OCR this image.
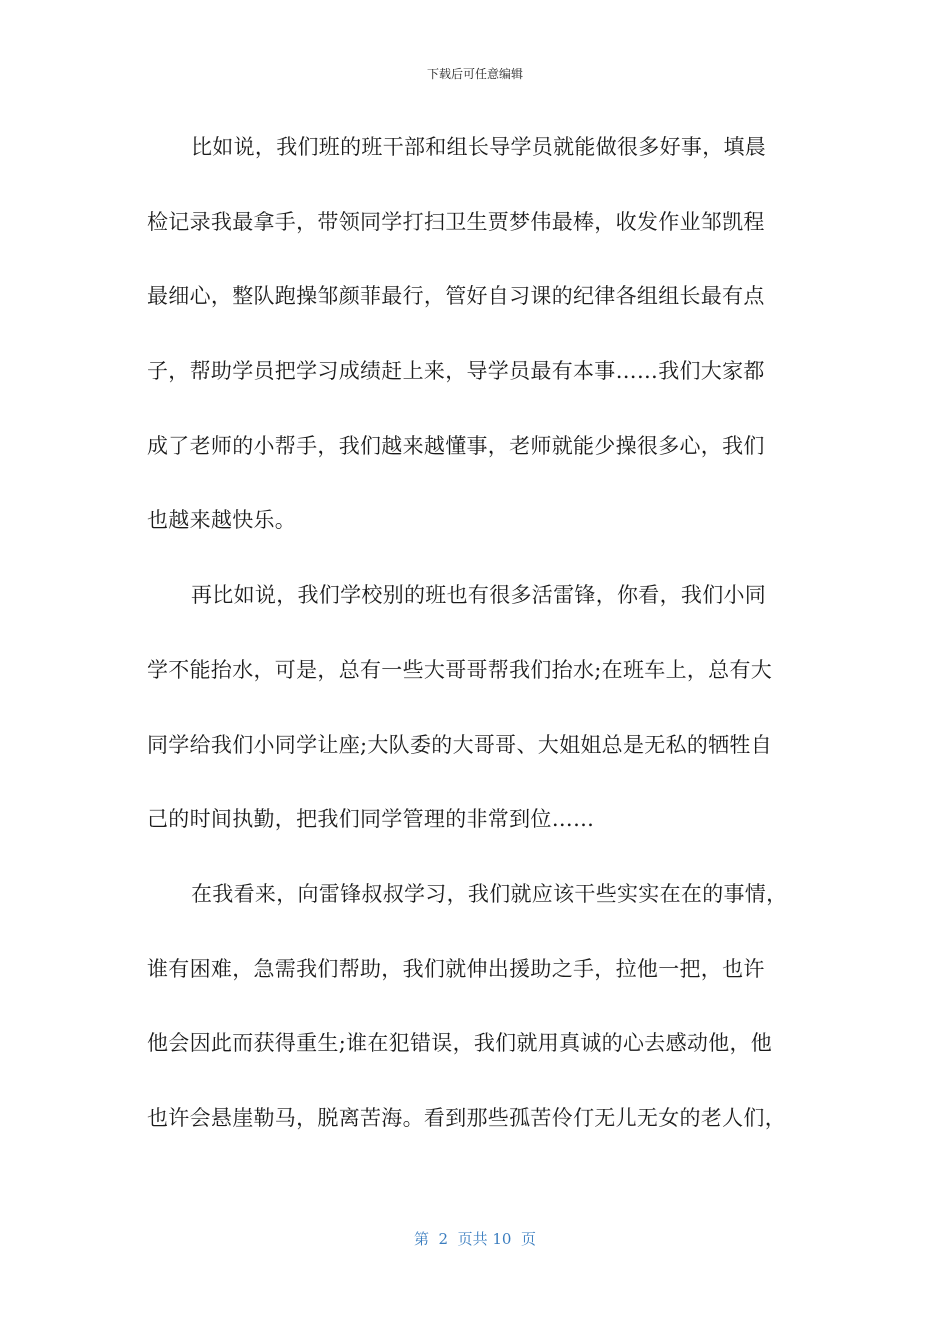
下载后可任意编辑
比如说，我们班的班干部和组长导学员就能做很多好事，填晨
检记录我最拿手，带领同学打扫卫生贾梦伟最棒，收发作业邹凯程
最细心，整队跑操邹颜菲最行，管好自习课的纪律各组组长最有点
子，帮助学员把学习成绩赶上来，导学员最有本事……我们大家都
成了老师的小帮手，我们越来越懂事，老师就能少操很多心，我们
也越来越快乐。
再比如说，我们学校别的班也有很多活雷锋，你看，我们小同
学不能抬水，可是，总有一些大哥哥帮我们抬水;在班车上，总有大
同学给我们小同学让座;大队委的大哥哥、大姐姐总是无私的牺牲自
己的时间执勤，把我们同学管理的非常到位……
在我看来，向雷锋叔叔学习，我们就应该干些实实在在的事情，
谁有困难，急需我们帮助，我们就伸出援助之手，拉他一把，也许
他会因此而获得重生;谁在犯错误，我们就用真诚的心去感动他，他
也许会悬崖勒马，脱离苦海。看到那些孤苦伶仃无儿无女的老人们，
第  2  页共 10  页
